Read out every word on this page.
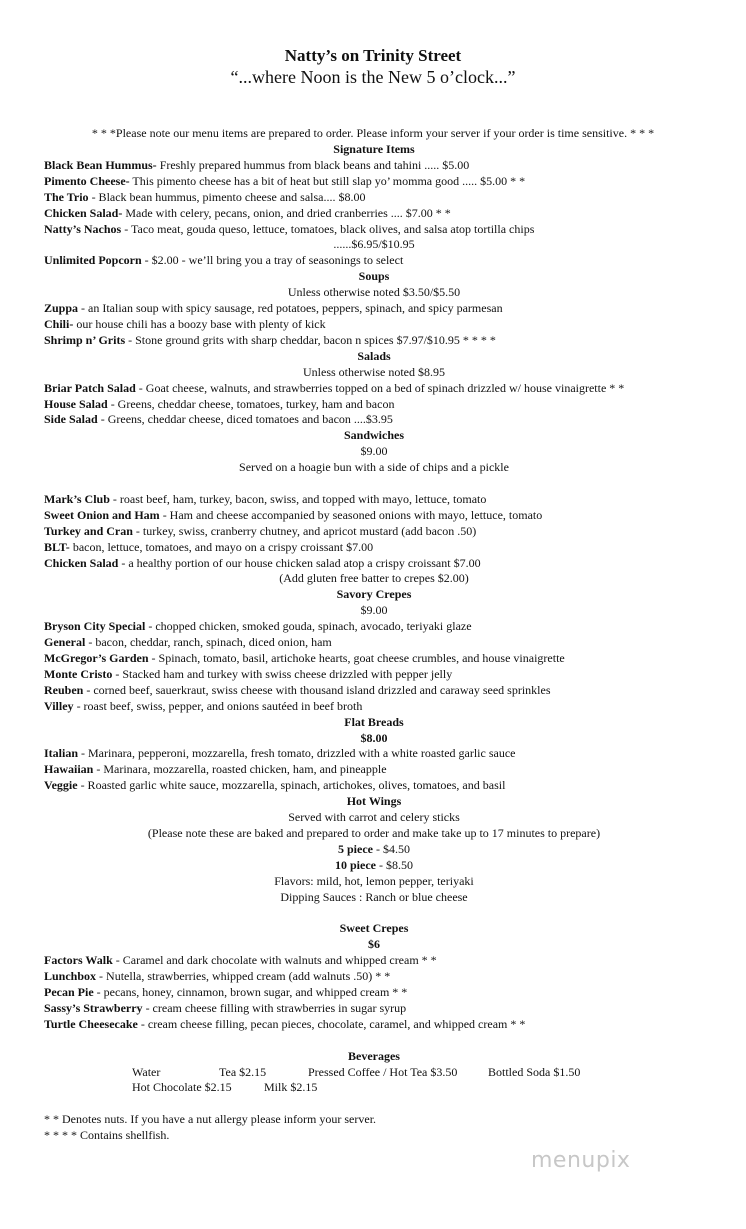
Natty’s on Trinity Street
“...where Noon is the New 5 o’clock...”
* * *Please note our menu items are prepared to order. Please inform your server if your order is time sensitive. * * *
Signature Items
Black Bean Hummus- Freshly prepared hummus from black beans and tahini ..... $5.00
Pimento Cheese- This pimento cheese has a bit of heat but still slap yo’ momma good ..... $5.00 * *
The Trio - Black bean hummus, pimento cheese and salsa.... $8.00
Chicken Salad- Made with celery, pecans, onion, and dried cranberries .... $7.00 * *
Natty’s Nachos - Taco meat, gouda queso, lettuce, tomatoes, black olives, and salsa atop tortilla chips
......$6.95/$10.95
Unlimited Popcorn - $2.00 - we’ll bring you a tray of seasonings to select
Soups
Unless otherwise noted $3.50/$5.50
Zuppa - an Italian soup with spicy sausage, red potatoes, peppers, spinach, and spicy parmesan
Chili- our house chili has a boozy base with plenty of kick
Shrimp n’ Grits - Stone ground grits with sharp cheddar, bacon n spices $7.97/$10.95 * * * *
Salads
Unless otherwise noted $8.95
Briar Patch Salad - Goat cheese, walnuts, and strawberries topped on a bed of spinach drizzled w/ house vinaigrette * *
House Salad - Greens, cheddar cheese, tomatoes, turkey, ham and bacon
Side Salad - Greens, cheddar cheese, diced tomatoes and bacon ....$3.95
Sandwiches
$9.00
Served on a hoagie bun with a side of chips and a pickle
Mark’s Club - roast beef, ham, turkey, bacon, swiss, and topped with mayo, lettuce, tomato
Sweet Onion and Ham - Ham and cheese accompanied by seasoned onions with mayo, lettuce, tomato
Turkey and Cran - turkey, swiss, cranberry chutney, and apricot mustard (add bacon .50)
BLT- bacon, lettuce, tomatoes, and mayo on a crispy croissant $7.00
Chicken Salad - a healthy portion of our house chicken salad atop a crispy croissant $7.00
(Add gluten free batter to crepes $2.00)
Savory Crepes
$9.00
Bryson City Special - chopped chicken, smoked gouda, spinach, avocado, teriyaki glaze
General - bacon, cheddar, ranch, spinach, diced onion, ham
McGregor’s Garden - Spinach, tomato, basil, artichoke hearts, goat cheese crumbles, and house vinaigrette
Monte Cristo - Stacked ham and turkey with swiss cheese drizzled with pepper jelly
Reuben - corned beef, sauerkraut, swiss cheese with thousand island drizzled and caraway seed sprinkles
Villey - roast beef, swiss, pepper, and onions sautéed in beef broth
Flat Breads
$8.00
Italian - Marinara, pepperoni, mozzarella, fresh tomato, drizzled with a white roasted garlic sauce
Hawaiian - Marinara, mozzarella, roasted chicken, ham, and pineapple
Veggie - Roasted garlic white sauce, mozzarella, spinach, artichokes, olives, tomatoes, and basil
Hot Wings
Served with carrot and celery sticks
(Please note these are baked and prepared to order and make take up to 17 minutes to prepare)
5 piece - $4.50
10 piece - $8.50
Flavors: mild, hot, lemon pepper, teriyaki
Dipping Sauces : Ranch or blue cheese
Sweet Crepes
$6
Factors Walk - Caramel and dark chocolate with walnuts and whipped cream * *
Lunchbox - Nutella, strawberries, whipped cream (add walnuts .50) * *
Pecan Pie - pecans, honey, cinnamon, brown sugar, and whipped cream * *
Sassy’s Strawberry - cream cheese filling with strawberries in sugar syrup
Turtle Cheesecake - cream cheese filling, pecan pieces, chocolate, caramel, and whipped cream * *
Beverages
Water	Tea $2.15	Pressed Coffee / Hot Tea $3.50	Bottled Soda $1.50
Hot Chocolate $2.15	Milk $2.15
* * Denotes nuts. If you have a nut allergy please inform your server.
* * * * Contains shellfish.
menupix
